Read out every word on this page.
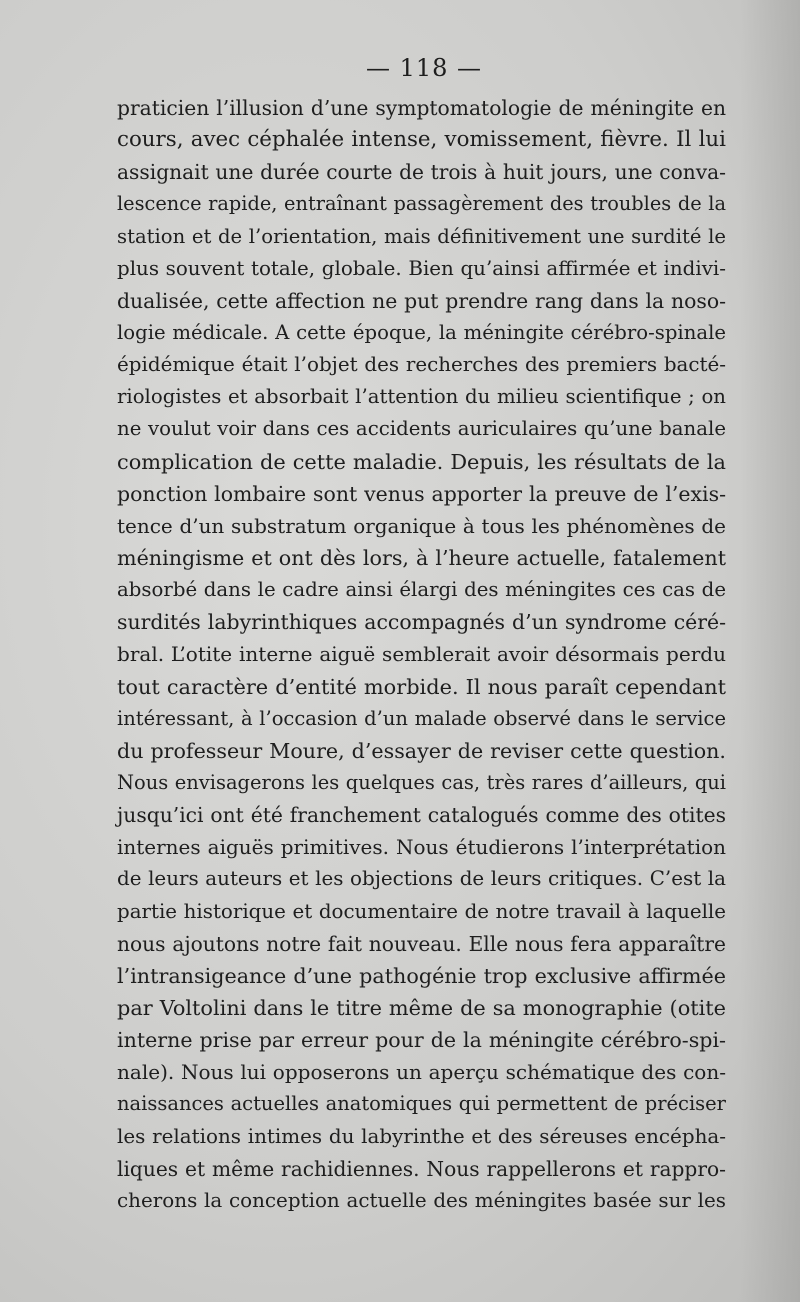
— 118 —
praticien l’illusion d’une symptomatologie de méningite en
cours, avec céphalée intense, vomissement, fièvre. Il lui
assignait une durée courte de trois à huit jours, une conva-
lescence rapide, entraînant passagèrement des troubles de la
station et de l’orientation, mais définitivement une surdité le
plus souvent totale, globale. Bien qu’ainsi affirmée et indivi-
dualisée, cette affection ne put prendre rang dans la noso-
logie médicale. A cette époque, la méningite cérébro-spinale
épidémique était l’objet des recherches des premiers bacté-
riologistes et absorbait l’attention du milieu scientifique ; on
ne voulut voir dans ces accidents auriculaires qu’une banale
complication de cette maladie. Depuis, les résultats de la
ponction lombaire sont venus apporter la preuve de l’exis-
tence d’un substratum organique à tous les phénomènes de
méningisme et ont dès lors, à l’heure actuelle, fatalement
absorbé dans le cadre ainsi élargi des méningites ces cas de
surdités labyrinthiques accompagnés d’un syndrome céré-
bral. L’otite interne aiguë semblerait avoir désormais perdu
tout caractère d’entité morbide. Il nous paraît cependant
intéressant, à l’occasion d’un malade observé dans le service
du professeur Moure, d’essayer de reviser cette question.
Nous envisagerons les quelques cas, très rares d’ailleurs, qui
jusqu’ici ont été franchement catalogués comme des otites
internes aiguës primitives. Nous étudierons l’interprétation
de leurs auteurs et les objections de leurs critiques. C’est la
partie historique et documentaire de notre travail à laquelle
nous ajoutons notre fait nouveau. Elle nous fera apparaître
l’intransigeance d’une pathogénie trop exclusive affirmée
par Voltolini dans le titre même de sa monographie (otite
interne prise par erreur pour de la méningite cérébro-spi-
nale). Nous lui opposerons un aperçu schématique des con-
naissances actuelles anatomiques qui permettent de préciser
les relations intimes du labyrinthe et des séreuses encépha-
liques et même rachidiennes. Nous rappellerons et rappro-
cherons la conception actuelle des méningites basée sur les
